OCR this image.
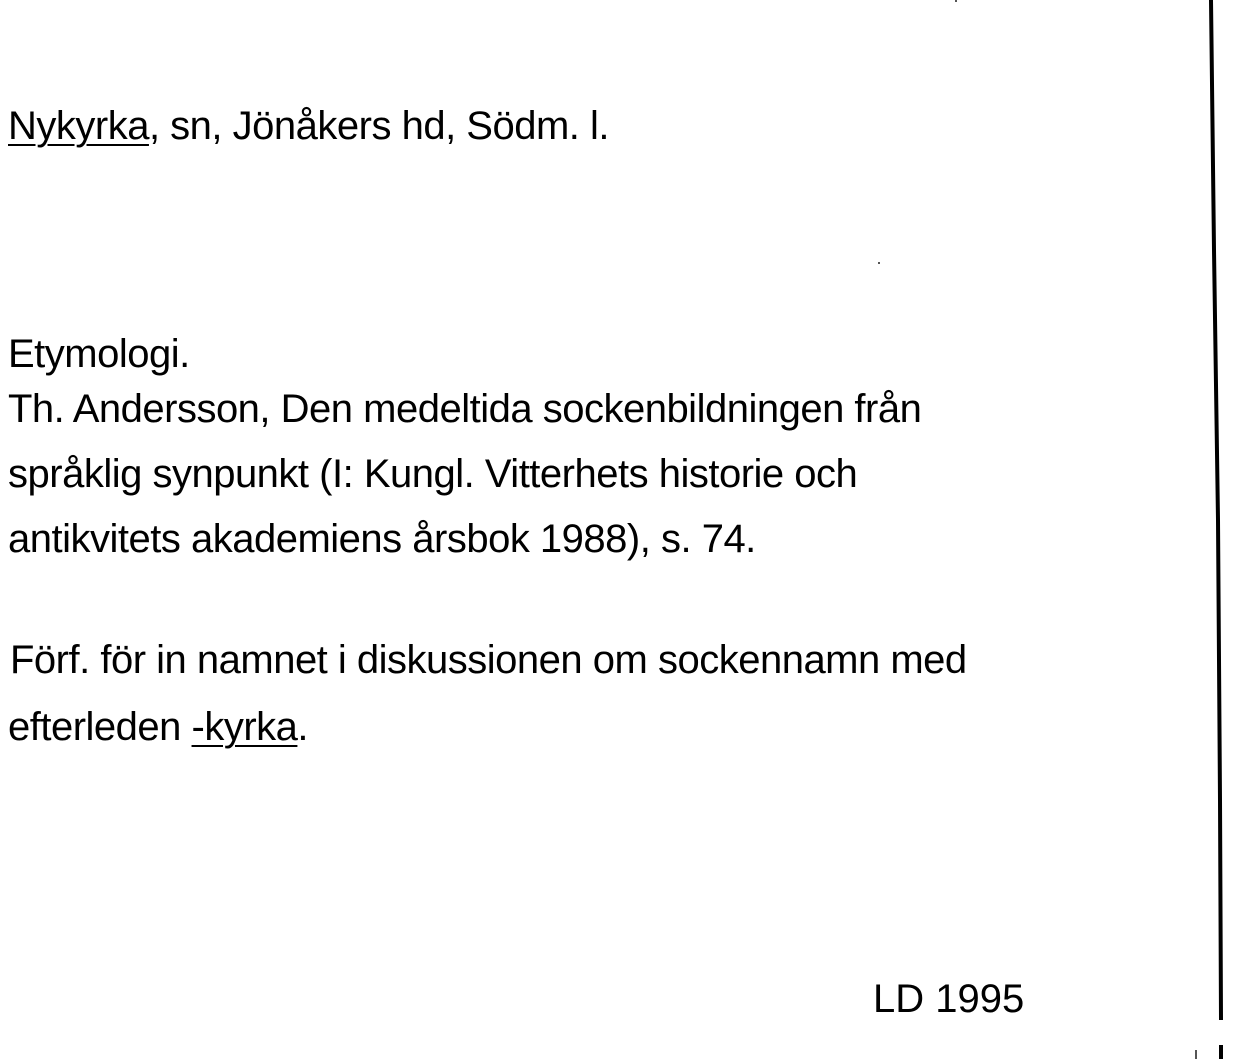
Nykyrka, sn, Jönåkers hd, Södm. l.
Etymologi.
Th. Andersson, Den medeltida sockenbildningen från
språklig synpunkt (I: Kungl. Vitterhets historie och
antikvitets akademiens årsbok 1988), s. 74.
Förf. för in namnet i diskussionen om sockennamn med
efterleden -kyrka.
LD 1995
